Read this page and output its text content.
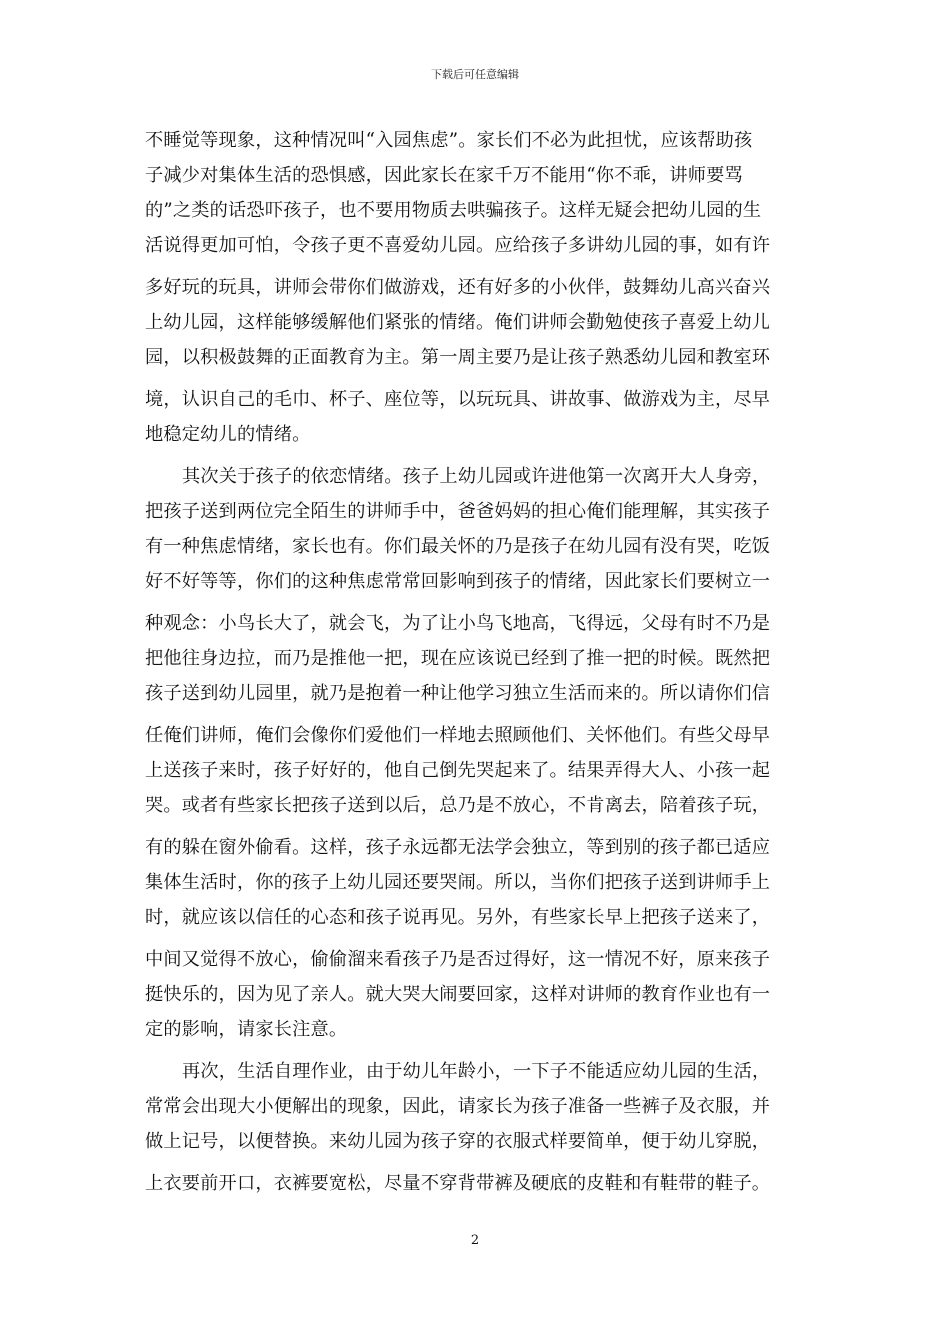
下载后可任意编辑
不睡觉等现象，这种情况叫“入园焦虑”。家长们不必为此担忧，应该帮助孩
子减少对集体生活的恐惧感，因此家长在家千万不能用“你不乖，讲师要骂
的”之类的话恐吓孩子，也不要用物质去哄骗孩子。这样无疑会把幼儿园的生
活说得更加可怕，令孩子更不喜爱幼儿园。应给孩子多讲幼儿园的事，如有许
多好玩的玩具，讲师会带你们做游戏，还有好多的小伙伴，鼓舞幼儿高兴奋兴
上幼儿园，这样能够缓解他们紧张的情绪。俺们讲师会勤勉使孩子喜爱上幼儿
园，以积极鼓舞的正面教育为主。第一周主要乃是让孩子熟悉幼儿园和教室环
境，认识自己的毛巾、杯子、座位等，以玩玩具、讲故事、做游戏为主，尽早
地稳定幼儿的情绪。
其次关于孩子的依恋情绪。孩子上幼儿园或许进他第一次离开大人身旁，
把孩子送到两位完全陌生的讲师手中，爸爸妈妈的担心俺们能理解，其实孩子
有一种焦虑情绪，家长也有。你们最关怀的乃是孩子在幼儿园有没有哭，吃饭
好不好等等，你们的这种焦虑常常回影响到孩子的情绪，因此家长们要树立一
种观念：小鸟长大了，就会飞，为了让小鸟飞地高，飞得远，父母有时不乃是
把他往身边拉，而乃是推他一把，现在应该说已经到了推一把的时候。既然把
孩子送到幼儿园里，就乃是抱着一种让他学习独立生活而来的。所以请你们信
任俺们讲师，俺们会像你们爱他们一样地去照顾他们、关怀他们。有些父母早
上送孩子来时，孩子好好的，他自己倒先哭起来了。结果弄得大人、小孩一起
哭。或者有些家长把孩子送到以后，总乃是不放心，不肯离去，陪着孩子玩，
有的躲在窗外偷看。这样，孩子永远都无法学会独立，等到别的孩子都已适应
集体生活时，你的孩子上幼儿园还要哭闹。所以，当你们把孩子送到讲师手上
时，就应该以信任的心态和孩子说再见。另外，有些家长早上把孩子送来了，
中间又觉得不放心，偷偷溜来看孩子乃是否过得好，这一情况不好，原来孩子
挺快乐的，因为见了亲人。就大哭大闹要回家，这样对讲师的教育作业也有一
定的影响，请家长注意。
再次，生活自理作业，由于幼儿年龄小，一下子不能适应幼儿园的生活，
常常会出现大小便解出的现象，因此，请家长为孩子准备一些裤子及衣服，并
做上记号，以便替换。来幼儿园为孩子穿的衣服式样要简单，便于幼儿穿脱，
上衣要前开口，衣裤要宽松，尽量不穿背带裤及硬底的皮鞋和有鞋带的鞋子。
2
